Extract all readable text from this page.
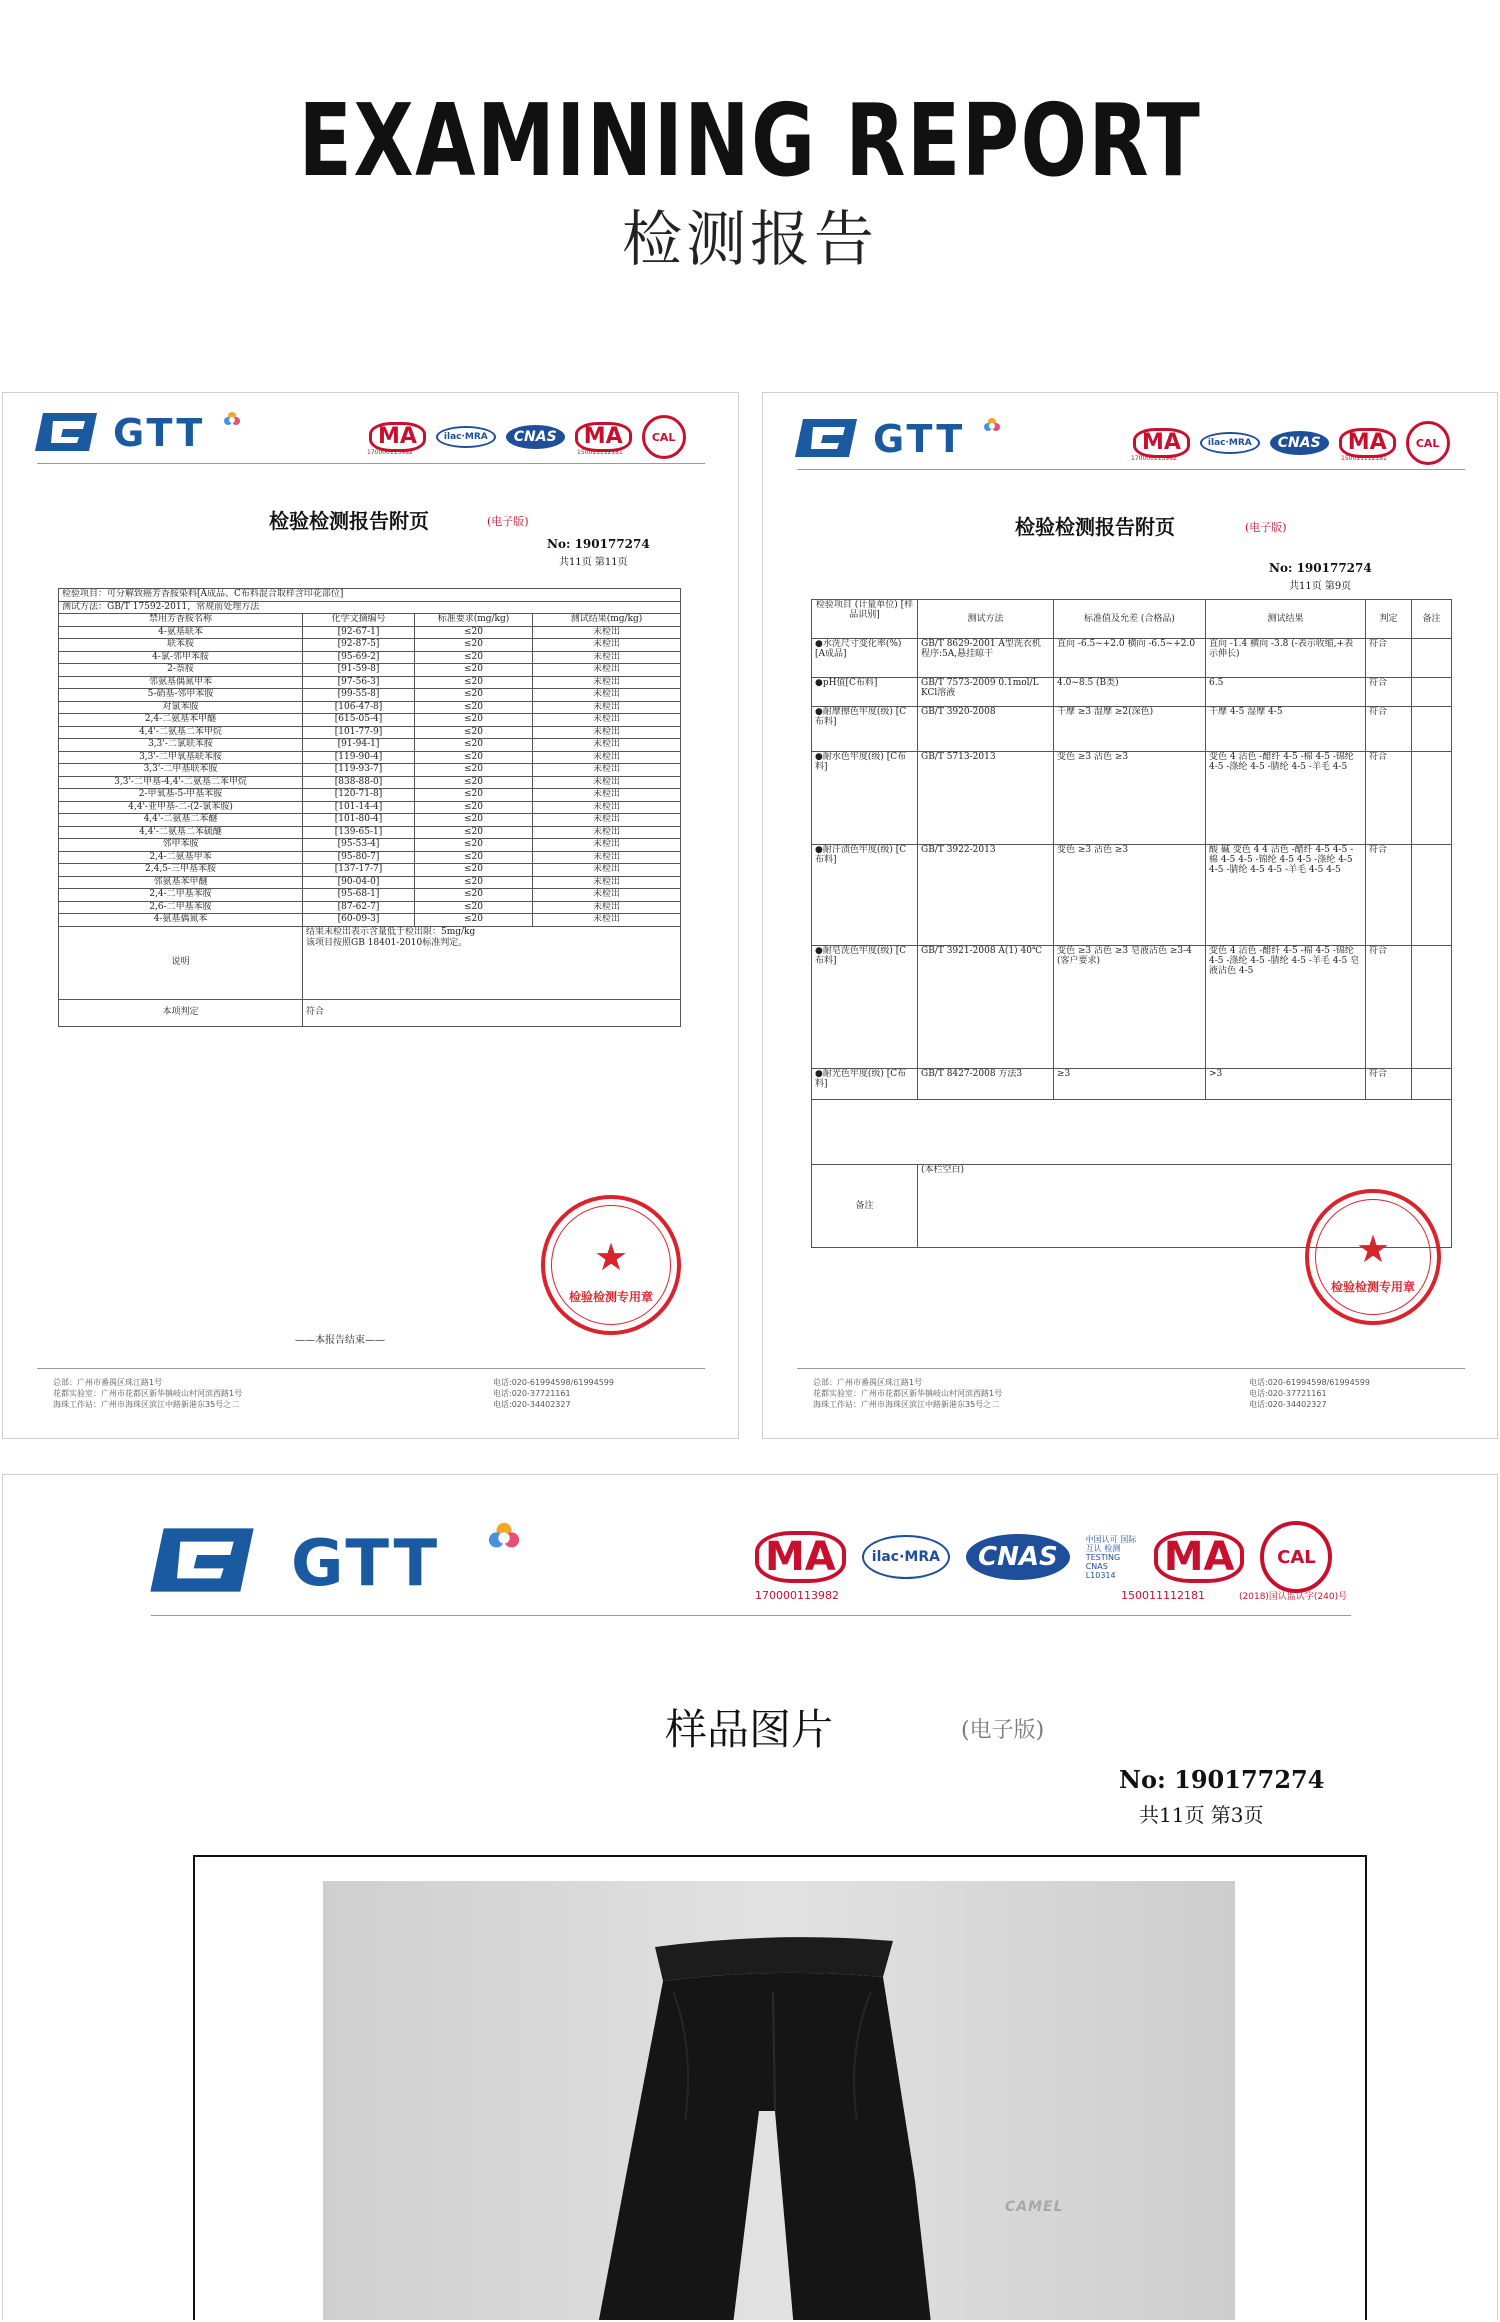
EXAMINING REPORT
检测报告
GTT	MA	ilac·MRA	CNAS	MA	CAL
170000113982	150011112181
检验检测报告附页	(电子版)
No: 190177274
共11页 第11页
检验项目：可分解致癌芳香胺染料[A成品、C布料混合取样含印花部位]			
测试方法：GB/T 17592-2011，常规前处理方法			
禁用芳香胺名称	化学文摘编号	标准要求(mg/kg)	测试结果(mg/kg)
4-氨基联苯	[92-67-1]	≤20	未检出
联苯胺	[92-87-5]	≤20	未检出
4-氯-邻甲苯胺	[95-69-2]	≤20	未检出
2-萘胺	[91-59-8]	≤20	未检出
邻氨基偶氮甲苯	[97-56-3]	≤20	未检出
5-硝基-邻甲苯胺	[99-55-8]	≤20	未检出
对氯苯胺	[106-47-8]	≤20	未检出
2,4-二氨基苯甲醚	[615-05-4]	≤20	未检出
4,4'-二氨基二苯甲烷	[101-77-9]	≤20	未检出
3,3'-二氯联苯胺	[91-94-1]	≤20	未检出
3,3'-二甲氧基联苯胺	[119-90-4]	≤20	未检出
3,3'-二甲基联苯胺	[119-93-7]	≤20	未检出
3,3'-二甲基-4,4'-二氨基二苯甲烷	[838-88-0]	≤20	未检出
2-甲氧基-5-甲基苯胺	[120-71-8]	≤20	未检出
4,4'-亚甲基-二-(2-氯苯胺)	[101-14-4]	≤20	未检出
4,4'-二氨基二苯醚	[101-80-4]	≤20	未检出
4,4'-二氨基二苯硫醚	[139-65-1]	≤20	未检出
邻甲苯胺	[95-53-4]	≤20	未检出
2,4-二氨基甲苯	[95-80-7]	≤20	未检出
2,4,5-三甲基苯胺	[137-17-7]	≤20	未检出
邻氨基苯甲醚	[90-04-0]	≤20	未检出
2,4-二甲基苯胺	[95-68-1]	≤20	未检出
2,6-二甲基苯胺	[87-62-7]	≤20	未检出
4-氨基偶氮苯	[60-09-3]	≤20	未检出
说明	结果未检出表示含量低于检出限：5mg/kg
该项目按照GB 18401-2010标准判定。		

本项判定	符合		
★
检验检测专用章
——本报告结束——
总部：广州市番禺区珠江路1号
花都实验室：广州市花都区新华镇岐山村河滨西路1号
海珠工作站：广州市海珠区滨江中路新港东35号之二
电话:020-61994598/61994599
电话:020-37721161
电话:020-34402327
GTT	MA	ilac·MRA	CNAS	MA	CAL
170000113982	150011112181
检验检测报告附页	(电子版)
No: 190177274
共11页 第9页
检验项目 (计量单位) [样品识别]	测试方法	标准值及允差 (合格品)	测试结果	判定	备注
●水洗尺寸变化率(%) [A成品]	GB/T 8629-2001 A型洗衣机 程序:5A,悬挂晾干	直向 -6.5~+2.0 横向 -6.5~+2.0	直向 -1.4 横向 -3.8 (-表示收缩,+表示伸长)	符合	
●pH值[C布料]	GB/T 7573-2009 0.1mol/L KCl溶液	4.0~8.5 (B类)	6.5	符合	
●耐摩擦色牢度(级) [C布料]	GB/T 3920-2008	干摩 ≥3 湿摩 ≥2(深色)	干摩 4-5 湿摩 4-5	符合	
●耐水色牢度(级) [C布料]	GB/T 5713-2013	变色 ≥3 沾色 ≥3	变色 4 沾色 -醋纤 4-5 -棉 4-5 -锦纶 4-5 -涤纶 4-5 -腈纶 4-5 -羊毛 4-5	符合	
●耐汗渍色牢度(级) [C布料]	GB/T 3922-2013	变色 ≥3 沾色 ≥3	酸 碱 变色 4 4 沾色 -醋纤 4-5 4-5 -棉 4-5 4-5 -锦纶 4-5 4-5 -涤纶 4-5 4-5 -腈纶 4-5 4-5 -羊毛 4-5 4-5	符合	
●耐皂洗色牢度(级) [C布料]	GB/T 3921-2008 A(1) 40℃	变色 ≥3 沾色 ≥3 皂液沾色 ≥3-4 (客户要求)	变色 4 沾色 -醋纤 4-5 -棉 4-5 -锦纶 4-5 -涤纶 4-5 -腈纶 4-5 -羊毛 4-5 皂液沾色 4-5	符合	
●耐光色牢度(级) [C布料]	GB/T 8427-2008 方法3	≥3	>3	符合	

备注	(本栏空白)				
★
检验检测专用章
总部：广州市番禺区珠江路1号
花都实验室：广州市花都区新华镇岐山村河滨西路1号
海珠工作站：广州市海珠区滨江中路新港东35号之二
电话:020-61994598/61994599
电话:020-37721161
电话:020-34402327
GTT	MA	ilac·MRA	CNAS
中国认可 国际互认 检测 TESTING CNAS L10314	MA	CAL
170000113982	150011112181	(2018)国认监认字(240)号
样品图片	(电子版)
No: 190177274
共11页 第3页
CAMEL
